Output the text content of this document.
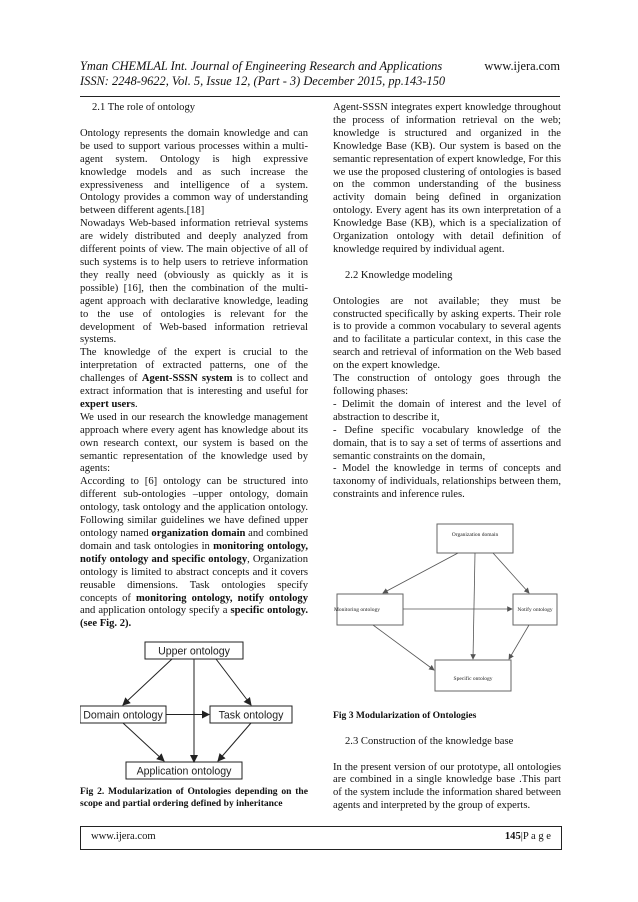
Yman CHEMLAL Int. Journal of Engineering Research and Applications	www.ijera.com
ISSN: 2248-9622, Vol. 5, Issue 12, (Part - 3) December 2015, pp.143-150

2.1 The role of ontology

Ontology represents the domain knowledge and can be used to support various processes within a multi-agent system. Ontology is high expressive knowledge models and as such increase the expressiveness and intelligence of a system. Ontology provides a common way of understanding between different agents.[18]

Nowadays Web-based information retrieval systems are widely distributed and deeply analyzed from different points of view. The main objective of all of such systems is to help users to retrieve information they really need (obviously as quickly as it is possible) [16], then the combination of the multi-agent approach with declarative knowledge, leading to the use of ontologies is relevant for the development of Web-based information retrieval systems.

The knowledge of the expert is crucial to the interpretation of extracted patterns, one of the challenges of Agent-SSSN system is to collect and extract information that is interesting and useful for expert users.

We used in our research the knowledge management approach where every agent has knowledge about its own research context, our system is based on the semantic representation of the knowledge used by agents:

According to [6] ontology can be structured into different sub-ontologies –upper ontology, domain ontology, task ontology and the application ontology. Following similar guidelines we have defined upper ontology named organization domain and combined domain and task ontologies in monitoring ontology, notify ontology and specific ontology, Organization ontology is limited to abstract concepts and it covers reusable dimensions. Task ontologies specify concepts of monitoring ontology, notify ontology and application ontology specify a specific ontology. (see Fig. 2).

Upper ontology
Domain ontology	Task ontology
Application ontology

Fig 2. Modularization of Ontologies depending on the scope and partial ordering defined by inheritance

Agent-SSSN integrates expert knowledge throughout the process of information retrieval on the web; knowledge is structured and organized in the Knowledge Base (KB). Our system is based on the semantic representation of expert knowledge, For this we use the proposed clustering of ontologies is based on the common understanding of the business activity domain being defined in organization ontology. Every agent has its own interpretation of a Knowledge Base (KB), which is a specialization of Organization ontology with detail definition of knowledge required by individual agent.

2.2 Knowledge modeling

Ontologies are not available; they must be constructed specifically by asking experts. Their role is to provide a common vocabulary to several agents and to facilitate a particular context, in this case the search and retrieval of information on the Web based on the expert knowledge.

The construction of ontology goes through the following phases:

- Delimit the domain of interest and the level of abstraction to describe it,

- Define specific vocabulary knowledge of the domain, that is to say a set of terms of assertions and semantic constraints on the domain,

- Model the knowledge in terms of concepts and taxonomy of individuals, relationships between them, constraints and inference rules.

Organization domain
Monitoring ontology	Notify ontology
Specific ontology

Fig 3 Modularization of Ontologies

2.3 Construction of the knowledge base

In the present version of our prototype, all ontologies are combined in a single knowledge base .This part of the system include the information shared between agents and interpreted by the group of experts.

www.ijera.com	145|P a g e
